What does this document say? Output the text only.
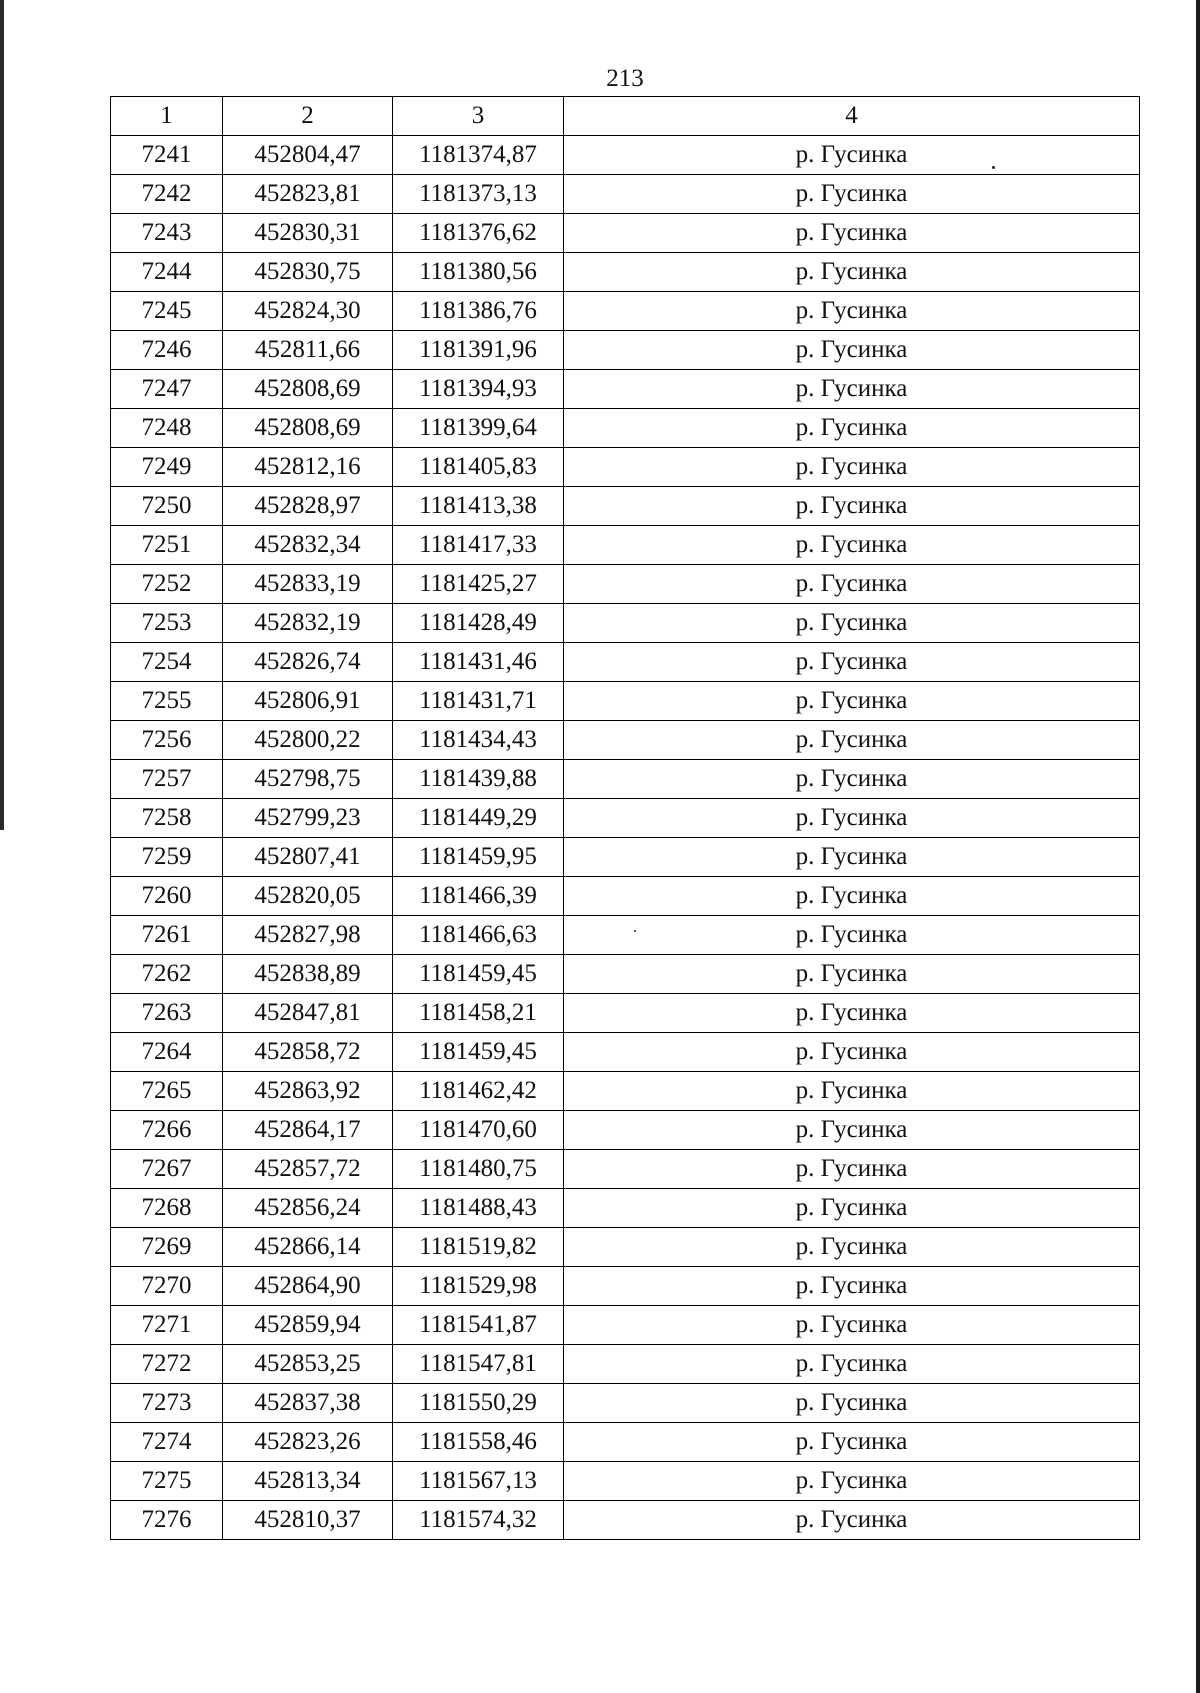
213
1	2	3	4
7241	452804,47	1181374,87	р. Гусинка
7242	452823,81	1181373,13	р. Гусинка
7243	452830,31	1181376,62	р. Гусинка
7244	452830,75	1181380,56	р. Гусинка
7245	452824,30	1181386,76	р. Гусинка
7246	452811,66	1181391,96	р. Гусинка
7247	452808,69	1181394,93	р. Гусинка
7248	452808,69	1181399,64	р. Гусинка
7249	452812,16	1181405,83	р. Гусинка
7250	452828,97	1181413,38	р. Гусинка
7251	452832,34	1181417,33	р. Гусинка
7252	452833,19	1181425,27	р. Гусинка
7253	452832,19	1181428,49	р. Гусинка
7254	452826,74	1181431,46	р. Гусинка
7255	452806,91	1181431,71	р. Гусинка
7256	452800,22	1181434,43	р. Гусинка
7257	452798,75	1181439,88	р. Гусинка
7258	452799,23	1181449,29	р. Гусинка
7259	452807,41	1181459,95	р. Гусинка
7260	452820,05	1181466,39	р. Гусинка
7261	452827,98	1181466,63	р. Гусинка
7262	452838,89	1181459,45	р. Гусинка
7263	452847,81	1181458,21	р. Гусинка
7264	452858,72	1181459,45	р. Гусинка
7265	452863,92	1181462,42	р. Гусинка
7266	452864,17	1181470,60	р. Гусинка
7267	452857,72	1181480,75	р. Гусинка
7268	452856,24	1181488,43	р. Гусинка
7269	452866,14	1181519,82	р. Гусинка
7270	452864,90	1181529,98	р. Гусинка
7271	452859,94	1181541,87	р. Гусинка
7272	452853,25	1181547,81	р. Гусинка
7273	452837,38	1181550,29	р. Гусинка
7274	452823,26	1181558,46	р. Гусинка
7275	452813,34	1181567,13	р. Гусинка
7276	452810,37	1181574,32	р. Гусинка
